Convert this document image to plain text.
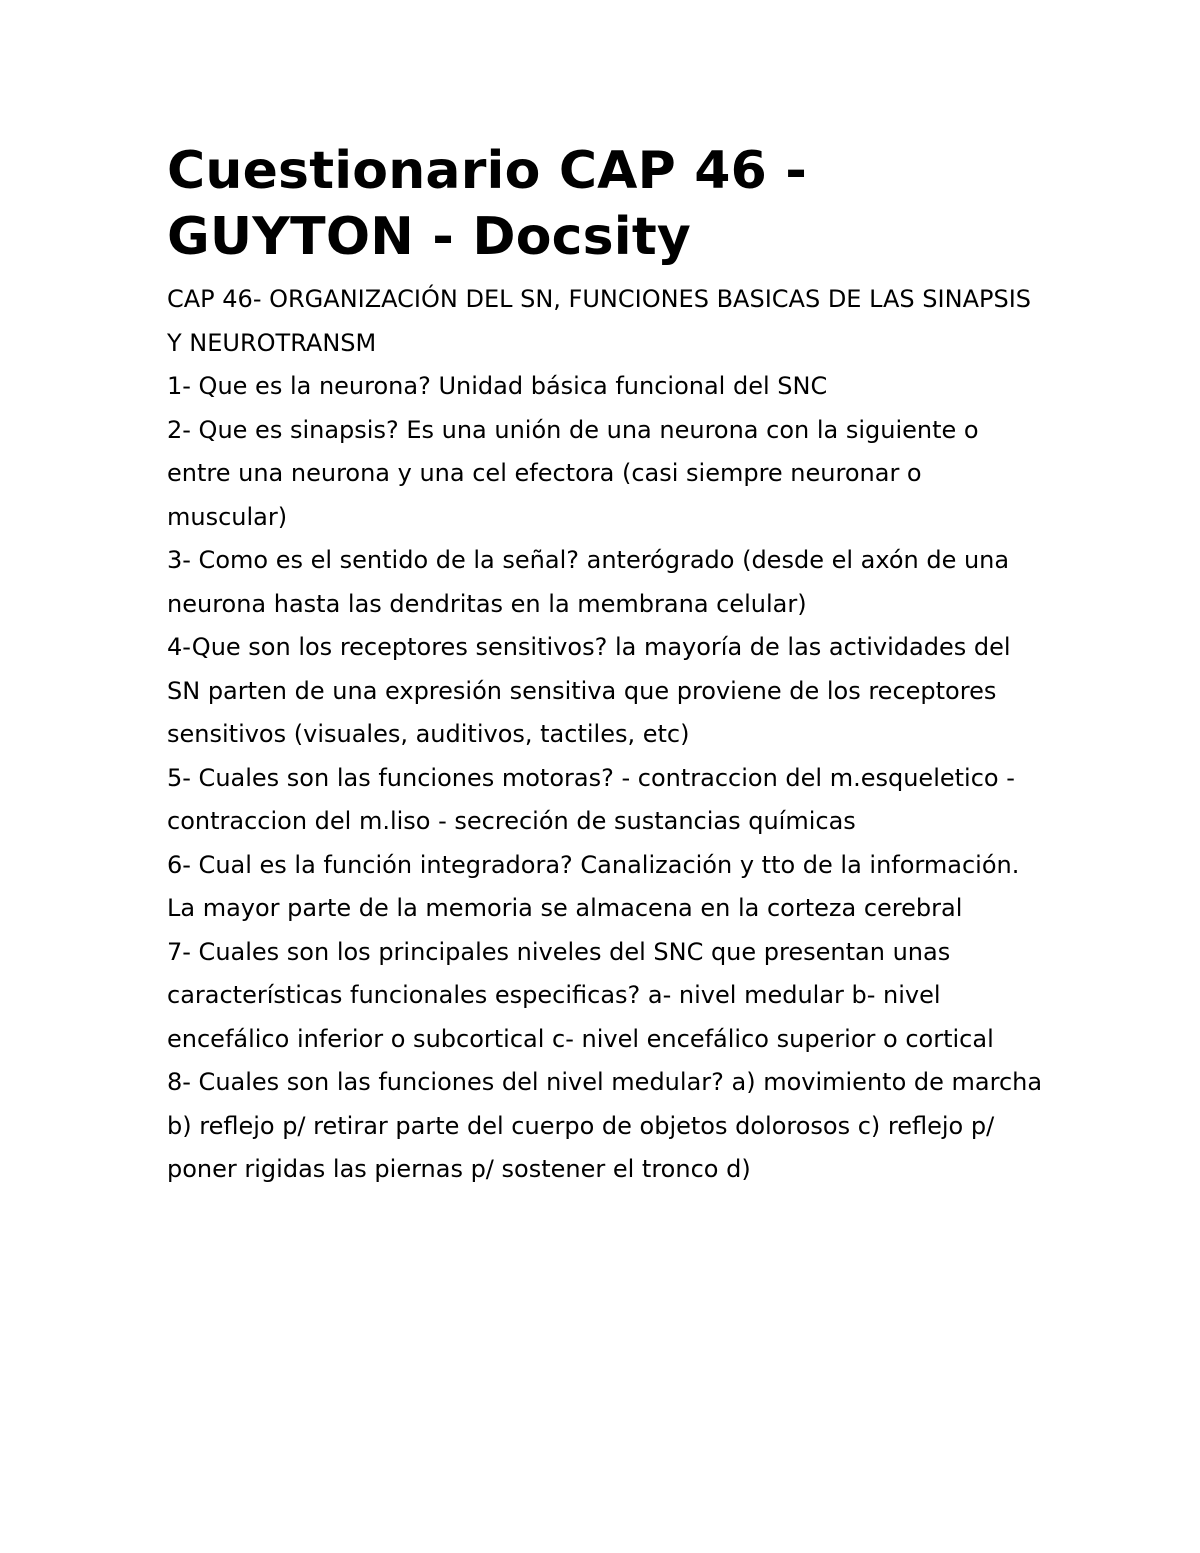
Cuestionario CAP 46 -
GUYTON - Docsity

CAP 46- ORGANIZACIÓN DEL SN, FUNCIONES BASICAS DE LAS SINAPSIS Y NEUROTRANSM

1- Que es la neurona? Unidad básica funcional del SNC

2- Que es sinapsis? Es una unión de una neurona con la siguiente o entre una neurona y una cel efectora (casi siempre neuronar o muscular)

3- Como es el sentido de la señal? anterógrado (desde el axón de una neurona hasta las dendritas en la membrana celular)

4-Que son los receptores sensitivos? la mayoría de las actividades del SN parten de una expresión sensitiva que proviene de los receptores sensitivos (visuales, auditivos, tactiles, etc)

5- Cuales son las funciones motoras? - contraccion del m.esqueletico - contraccion del m.liso - secreción de sustancias químicas

6- Cual es la función integradora? Canalización y tto de la información. La mayor parte de la memoria se almacena en la corteza cerebral

7- Cuales son los principales niveles del SNC que presentan unas características funcionales especificas? a- nivel medular b- nivel encefálico inferior o subcortical c- nivel encefálico superior o cortical

8- Cuales son las funciones del nivel medular? a) movimiento de marcha b) reflejo p/ retirar parte del cuerpo de objetos dolorosos c) reflejo p/ poner rigidas las piernas p/ sostener el tronco d)
